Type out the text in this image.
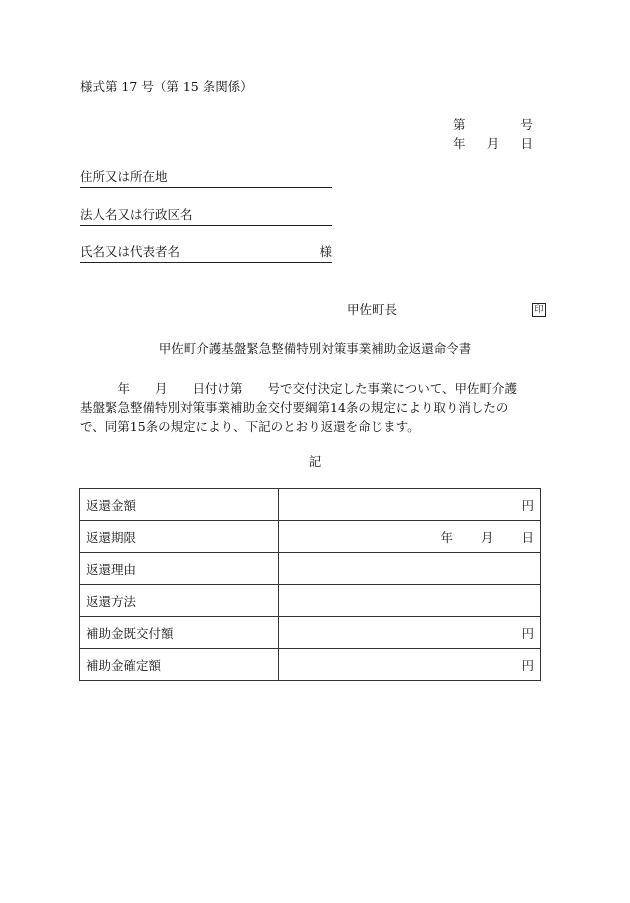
様式第 17 号（第 15 条関係）
第	号
年 月 日
住所又は所在地
法人名又は行政区名
氏名又は代表者名	様
甲佐町長	印
甲佐町介護基盤緊急整備特別対策事業補助金返還命令書
　　　年　　月　　日付け第　　号で交付決定した事業について、甲佐町介護
基盤緊急整備特別対策事業補助金交付要綱第14条の規定により取り消したの
で、同第15条の規定により、下記のとおり返還を命じます。
記
返還金額	円
返還期限	年 月 日

返還理由	
返還方法	
補助金既交付額	円
補助金確定額	円
